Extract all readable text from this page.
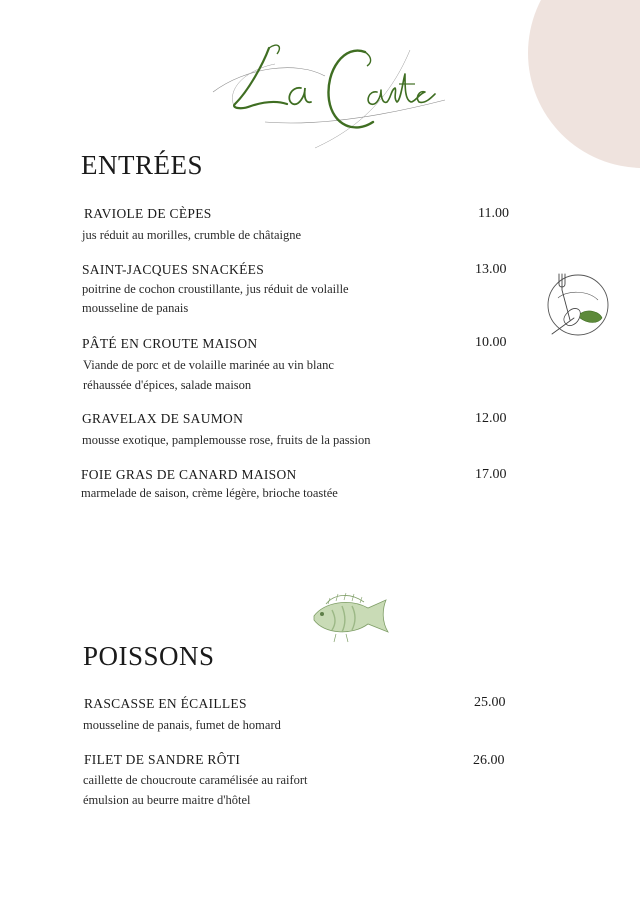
ENTRÉES
RAVIOLE DE CÈPES	11.00
jus réduit au morilles, crumble de châtaigne
SAINT-JACQUES SNACKÉES	13.00
poitrine de cochon croustillante, jus réduit de volaille
mousseline de panais
PÂTÉ EN CROUTE MAISON	10.00
Viande de porc et de volaille marinée au vin blanc
réhaussée d'épices, salade maison
GRAVELAX DE SAUMON	12.00
mousse exotique, pamplemousse rose, fruits de la passion
FOIE GRAS DE CANARD MAISON	17.00
marmelade de saison, crème légère, brioche toastée
POISSONS
RASCASSE EN ÉCAILLES	25.00
mousseline de panais, fumet de homard
FILET DE SANDRE RÔTI	26.00
caillette de choucroute caramélisée au raifort
émulsion au beurre maitre d'hôtel
